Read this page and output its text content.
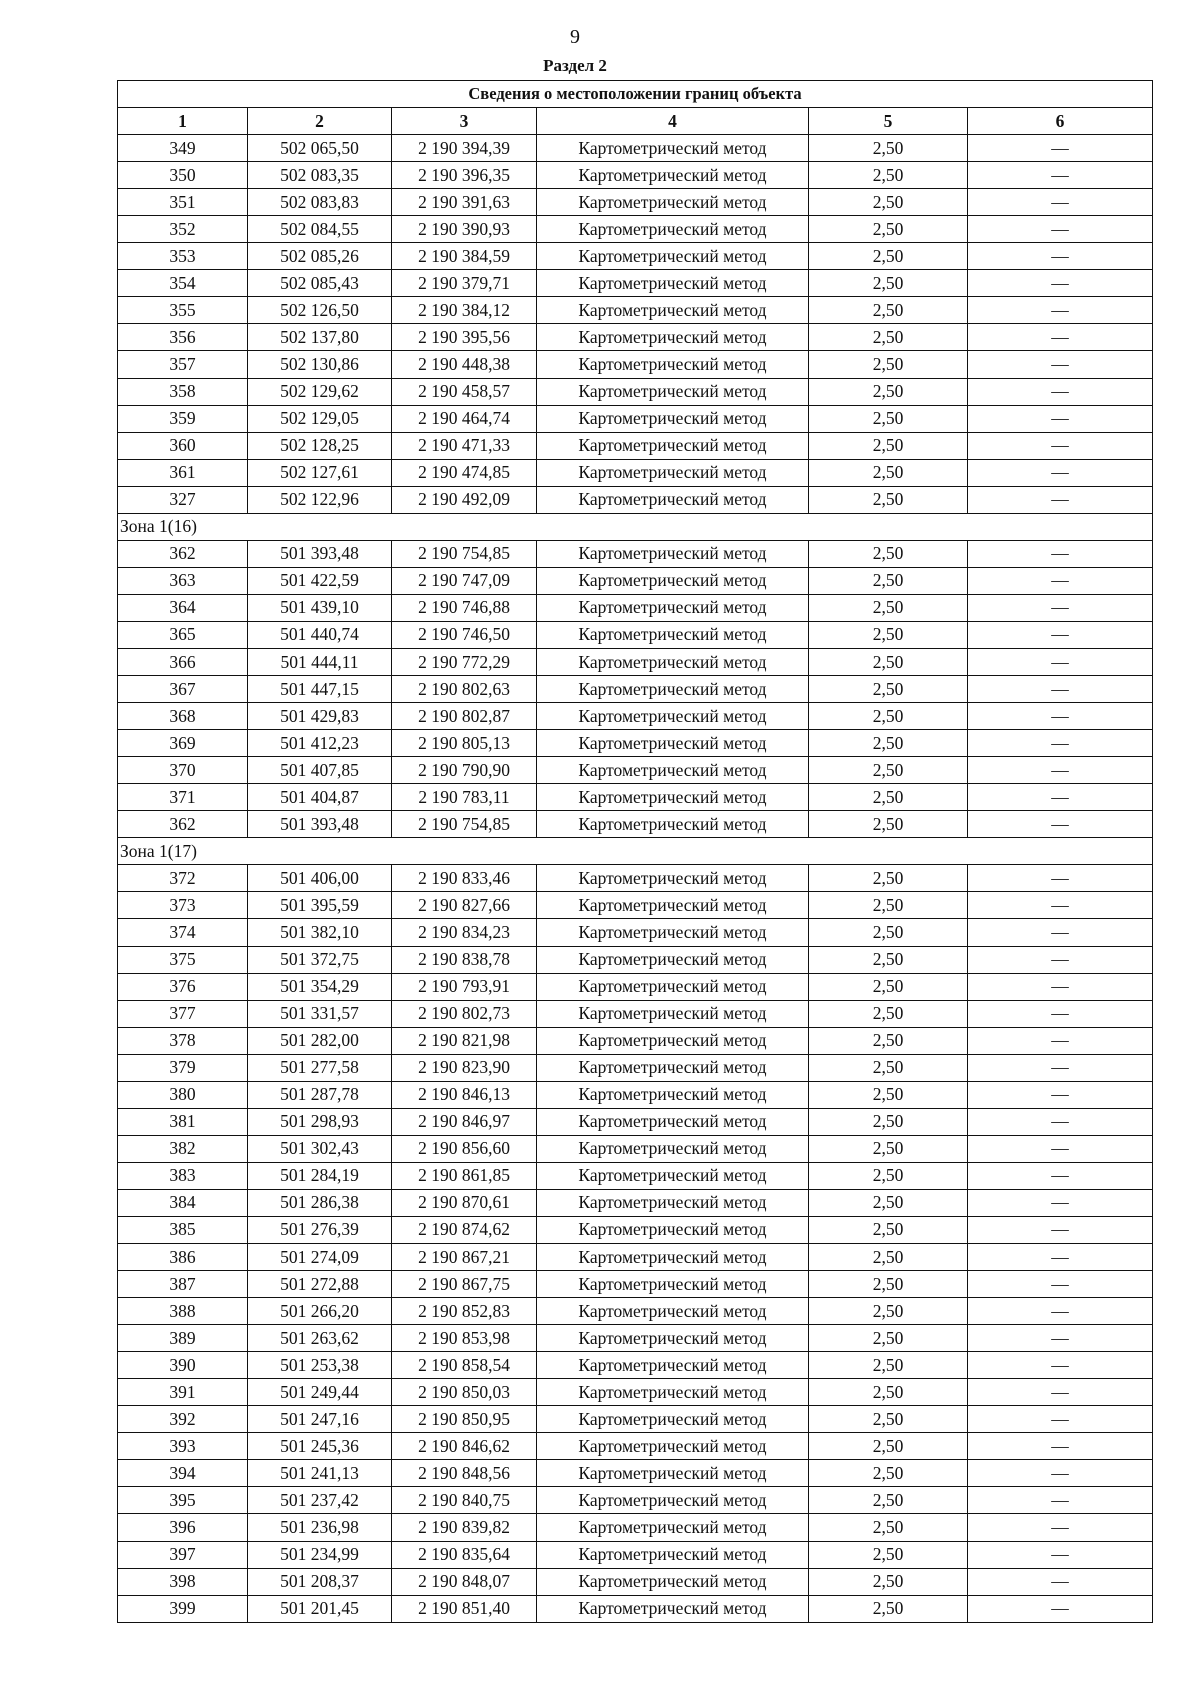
9
Раздел 2
Сведения о местоположении границ объекта					
1	2	3	4	5	6
349	502 065,50	2 190 394,39	Картометрический метод	2,50	—
350	502 083,35	2 190 396,35	Картометрический метод	2,50	—
351	502 083,83	2 190 391,63	Картометрический метод	2,50	—
352	502 084,55	2 190 390,93	Картометрический метод	2,50	—
353	502 085,26	2 190 384,59	Картометрический метод	2,50	—
354	502 085,43	2 190 379,71	Картометрический метод	2,50	—
355	502 126,50	2 190 384,12	Картометрический метод	2,50	—
356	502 137,80	2 190 395,56	Картометрический метод	2,50	—
357	502 130,86	2 190 448,38	Картометрический метод	2,50	—
358	502 129,62	2 190 458,57	Картометрический метод	2,50	—
359	502 129,05	2 190 464,74	Картометрический метод	2,50	—
360	502 128,25	2 190 471,33	Картометрический метод	2,50	—
361	502 127,61	2 190 474,85	Картометрический метод	2,50	—
327	502 122,96	2 190 492,09	Картометрический метод	2,50	—
Зона 1(16)					
362	501 393,48	2 190 754,85	Картометрический метод	2,50	—
363	501 422,59	2 190 747,09	Картометрический метод	2,50	—
364	501 439,10	2 190 746,88	Картометрический метод	2,50	—
365	501 440,74	2 190 746,50	Картометрический метод	2,50	—
366	501 444,11	2 190 772,29	Картометрический метод	2,50	—
367	501 447,15	2 190 802,63	Картометрический метод	2,50	—
368	501 429,83	2 190 802,87	Картометрический метод	2,50	—
369	501 412,23	2 190 805,13	Картометрический метод	2,50	—
370	501 407,85	2 190 790,90	Картометрический метод	2,50	—
371	501 404,87	2 190 783,11	Картометрический метод	2,50	—
362	501 393,48	2 190 754,85	Картометрический метод	2,50	—
Зона 1(17)					
372	501 406,00	2 190 833,46	Картометрический метод	2,50	—
373	501 395,59	2 190 827,66	Картометрический метод	2,50	—
374	501 382,10	2 190 834,23	Картометрический метод	2,50	—
375	501 372,75	2 190 838,78	Картометрический метод	2,50	—
376	501 354,29	2 190 793,91	Картометрический метод	2,50	—
377	501 331,57	2 190 802,73	Картометрический метод	2,50	—
378	501 282,00	2 190 821,98	Картометрический метод	2,50	—
379	501 277,58	2 190 823,90	Картометрический метод	2,50	—
380	501 287,78	2 190 846,13	Картометрический метод	2,50	—
381	501 298,93	2 190 846,97	Картометрический метод	2,50	—
382	501 302,43	2 190 856,60	Картометрический метод	2,50	—
383	501 284,19	2 190 861,85	Картометрический метод	2,50	—
384	501 286,38	2 190 870,61	Картометрический метод	2,50	—
385	501 276,39	2 190 874,62	Картометрический метод	2,50	—
386	501 274,09	2 190 867,21	Картометрический метод	2,50	—
387	501 272,88	2 190 867,75	Картометрический метод	2,50	—
388	501 266,20	2 190 852,83	Картометрический метод	2,50	—
389	501 263,62	2 190 853,98	Картометрический метод	2,50	—
390	501 253,38	2 190 858,54	Картометрический метод	2,50	—
391	501 249,44	2 190 850,03	Картометрический метод	2,50	—
392	501 247,16	2 190 850,95	Картометрический метод	2,50	—
393	501 245,36	2 190 846,62	Картометрический метод	2,50	—
394	501 241,13	2 190 848,56	Картометрический метод	2,50	—
395	501 237,42	2 190 840,75	Картометрический метод	2,50	—
396	501 236,98	2 190 839,82	Картометрический метод	2,50	—
397	501 234,99	2 190 835,64	Картометрический метод	2,50	—
398	501 208,37	2 190 848,07	Картометрический метод	2,50	—
399	501 201,45	2 190 851,40	Картометрический метод	2,50	—
